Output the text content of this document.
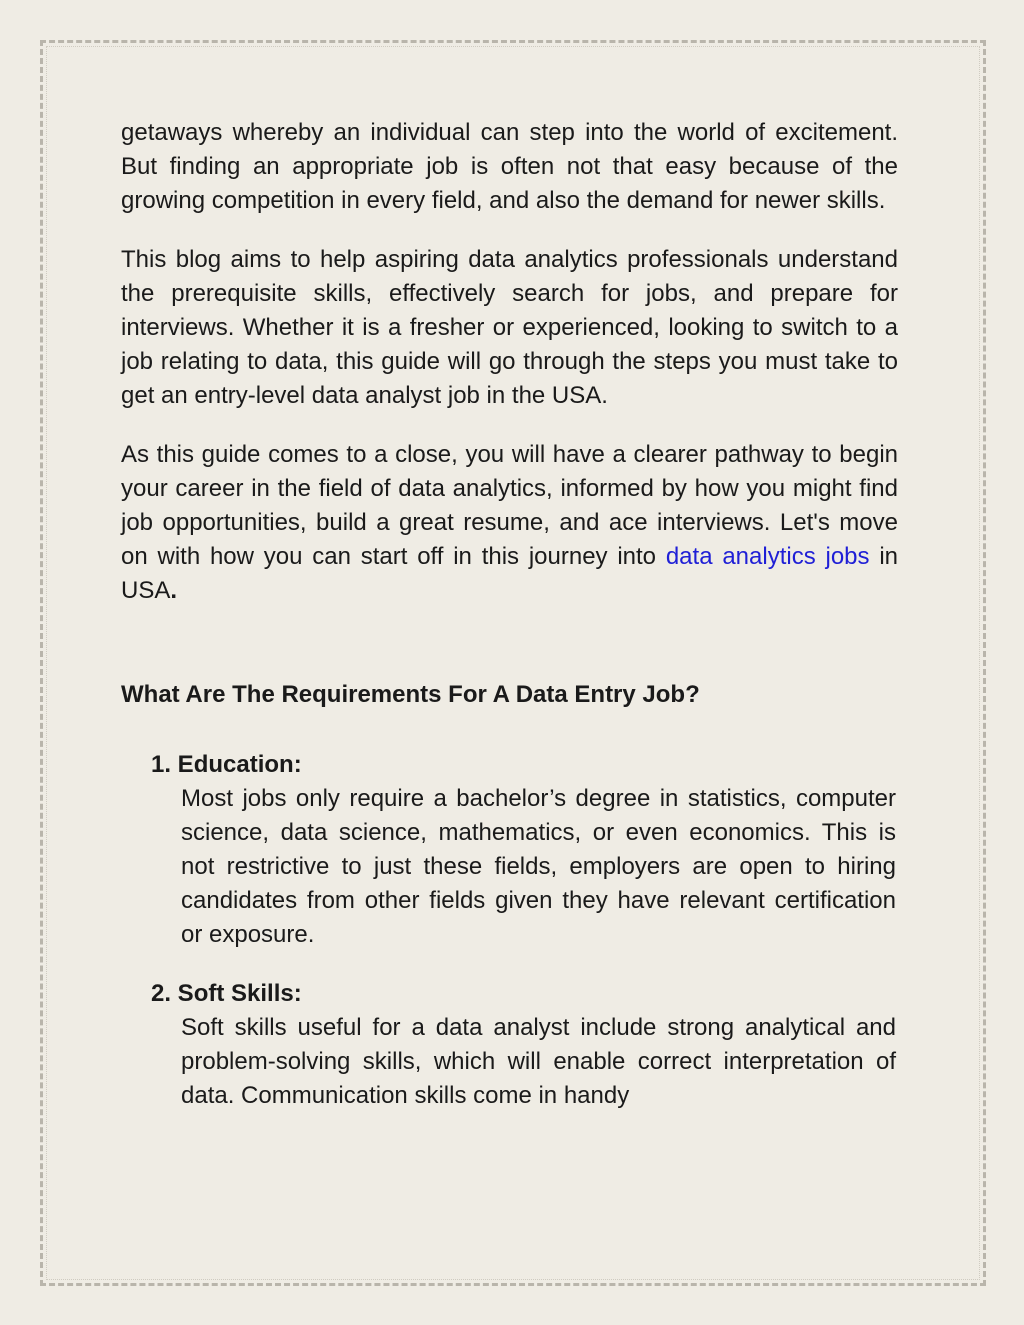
getaways whereby an individual can step into the world of excitement. But finding an appropriate job is often not that easy because of the growing competition in every field, and also the demand for newer skills.

This blog aims to help aspiring data analytics professionals understand the prerequisite skills, effectively search for jobs, and prepare for interviews. Whether it is a fresher or experienced, looking to switch to a job relating to data, this guide will go through the steps you must take to get an entry-level data analyst job in the USA.

As this guide comes to a close, you will have a clearer pathway to begin your career in the field of data analytics, informed by how you might find job opportunities, build a great resume, and ace interviews. Let's move on with how you can start off in this journey into data analytics jobs in USA.

What Are The Requirements For A Data Entry Job?
1. Education:
Most jobs only require a bachelor’s degree in statistics, computer science, data science, mathematics, or even economics. This is not restrictive to just these fields, employers are open to hiring candidates from other fields given they have relevant certification or exposure.
2. Soft Skills:
Soft skills useful for a data analyst include strong analytical and problem-solving skills, which will enable correct interpretation of data. Communication skills come in handy
